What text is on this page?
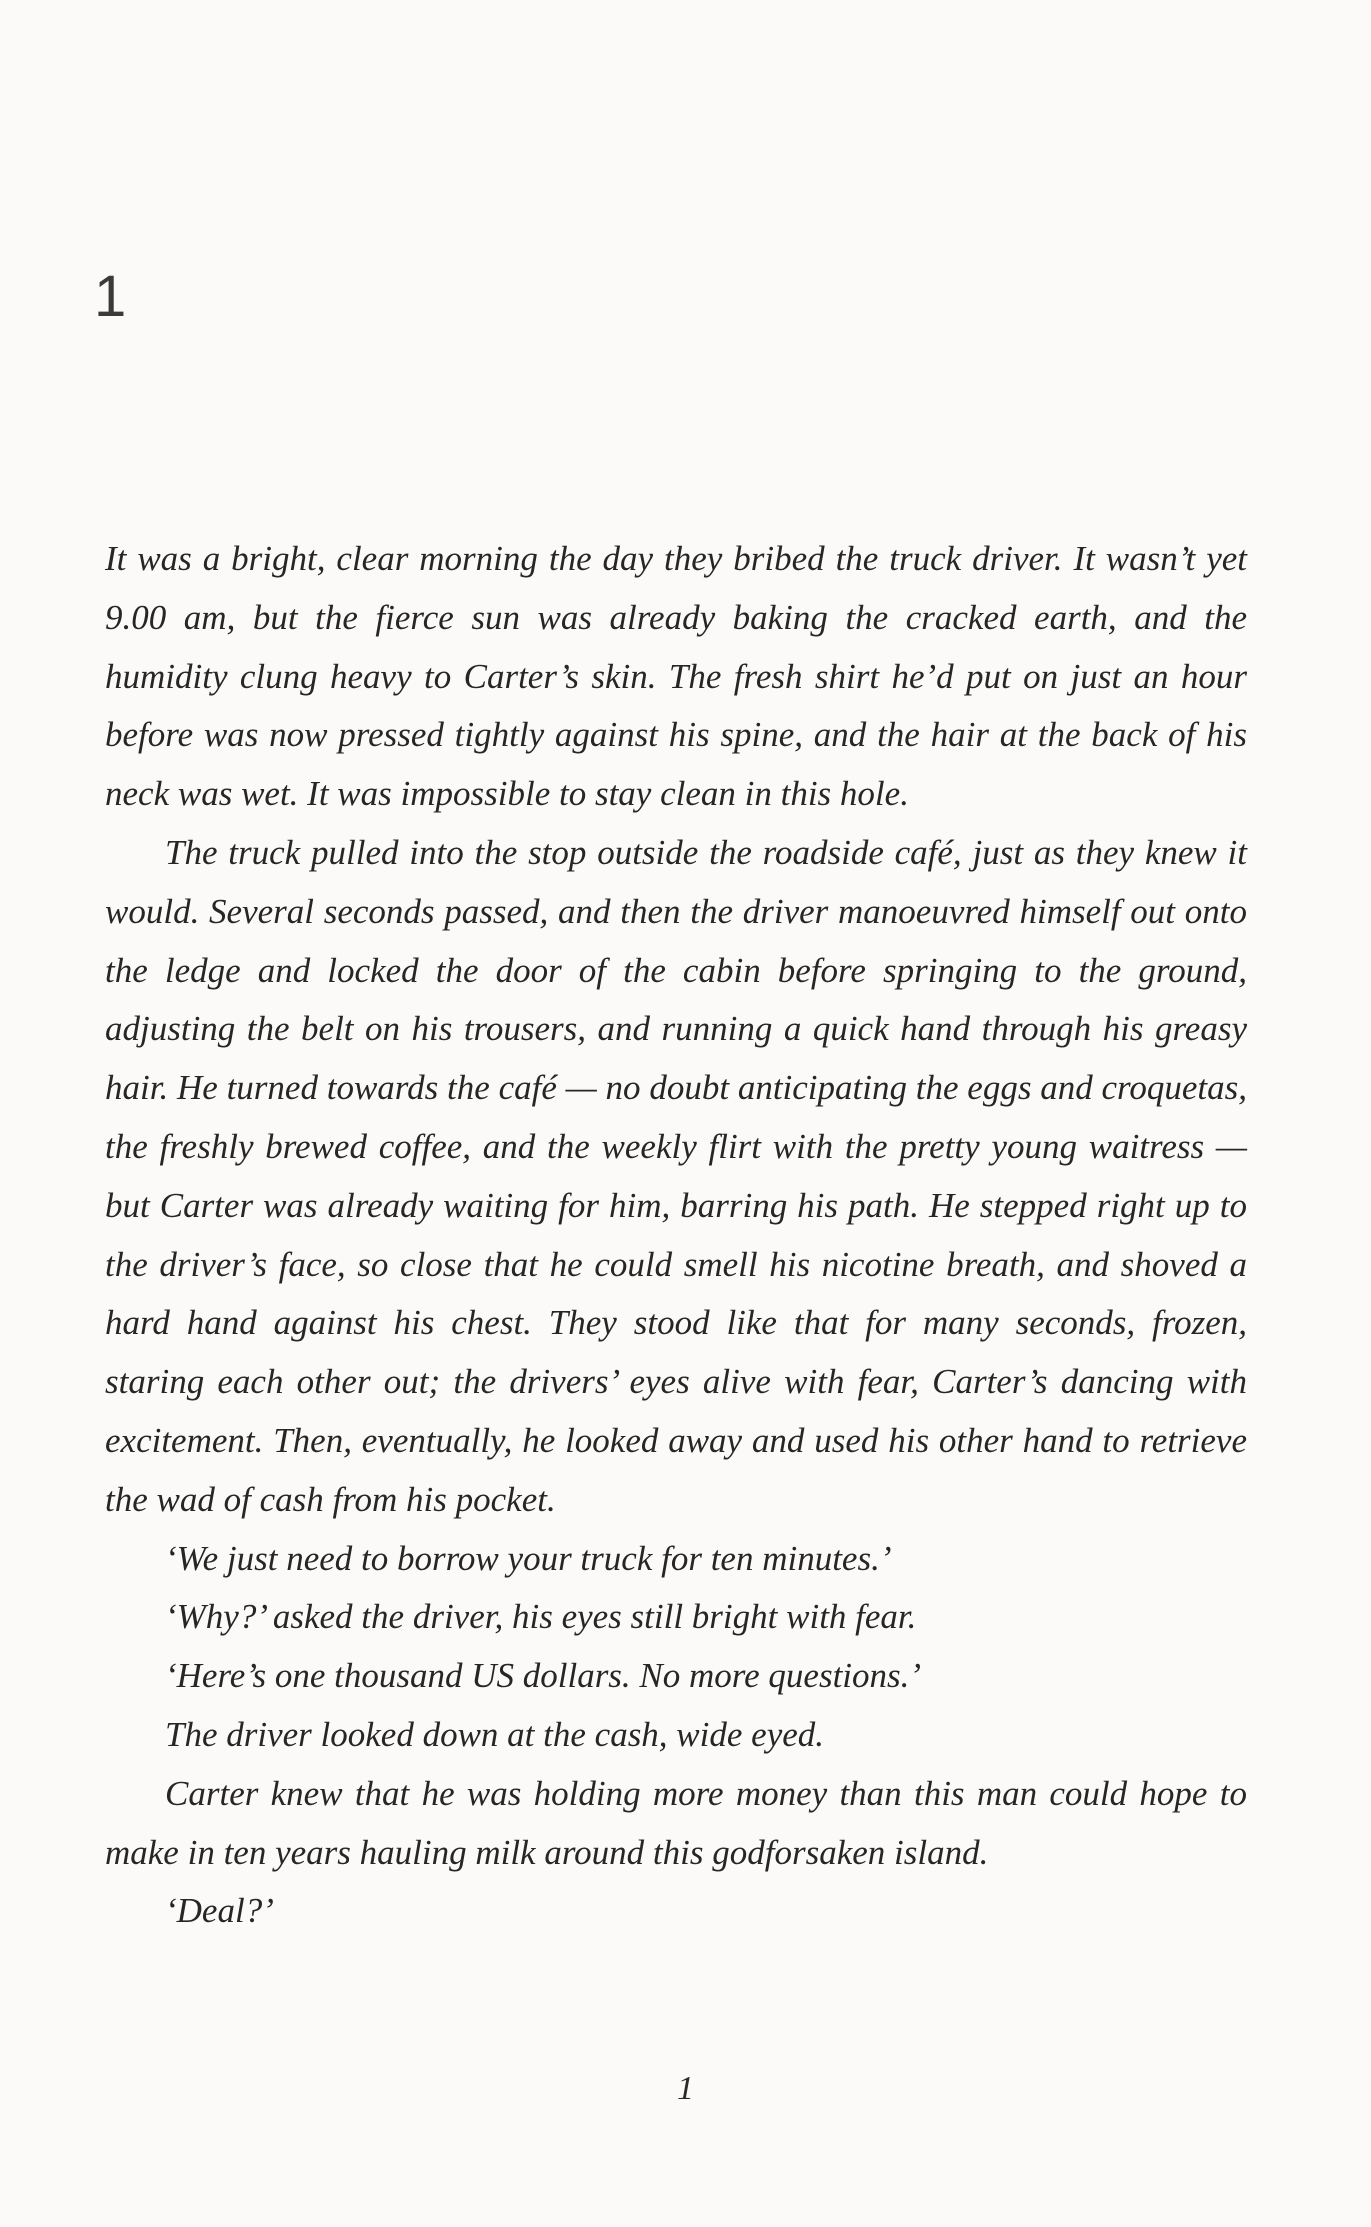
1

It was a bright, clear morning the day they bribed the truck driver. It wasn’t yet 9.00 am, but the fierce sun was already baking the cracked earth, and the humidity clung heavy to Carter’s skin. The fresh shirt he’d put on just an hour before was now pressed tightly against his spine, and the hair at the back of his neck was wet. It was impossible to stay clean in this hole.

The truck pulled into the stop outside the roadside café, just as they knew it would. Several seconds passed, and then the driver manoeuvred himself out onto the ledge and locked the door of the cabin before springing to the ground, adjusting the belt on his trousers, and running a quick hand through his greasy hair. He turned towards the café — no doubt anticipating the eggs and croquetas, the freshly brewed coffee, and the weekly flirt with the pretty young waitress — but Carter was already waiting for him, barring his path. He stepped right up to the driver’s face, so close that he could smell his nicotine breath, and shoved a hard hand against his chest. They stood like that for many seconds, frozen, staring each other out; the drivers’ eyes alive with fear, Carter’s dancing with excitement. Then, eventually, he looked away and used his other hand to retrieve the wad of cash from his pocket.

‘We just need to borrow your truck for ten minutes.’

‘Why?’ asked the driver, his eyes still bright with fear.

‘Here’s one thousand US dollars. No more questions.’

The driver looked down at the cash, wide eyed.

Carter knew that he was holding more money than this man could hope to make in ten years hauling milk around this godforsaken island.

‘Deal?’

1
